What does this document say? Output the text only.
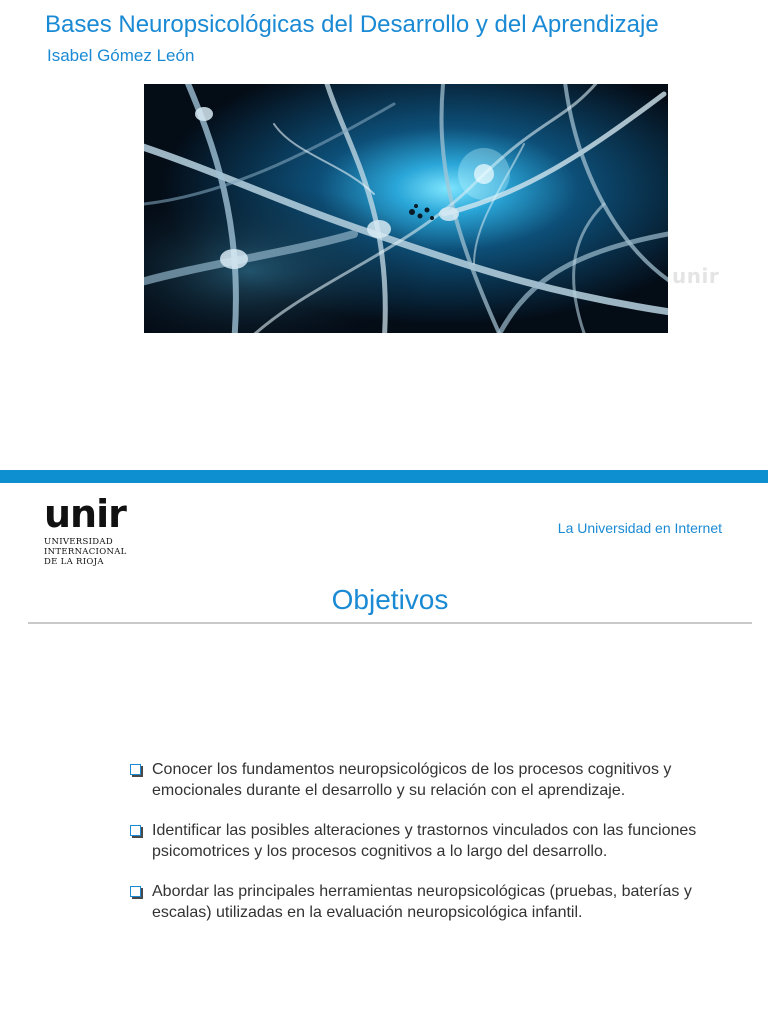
Bases Neuropsicológicas del Desarrollo y del Aprendizaje
Isabel Gómez León
unir
unir
UNIVERSIDAD
INTERNACIONAL
DE LA RIOJA
La Universidad en Internet
Objetivos
Conocer los fundamentos neuropsicológicos de los procesos cognitivos y emocionales durante el desarrollo y su relación con el aprendizaje.
Identificar las posibles alteraciones y trastornos vinculados con las funciones psicomotrices y los procesos cognitivos a lo largo del desarrollo.
Abordar las principales herramientas neuropsicológicas (pruebas, baterías y escalas) utilizadas en la evaluación neuropsicológica infantil.
